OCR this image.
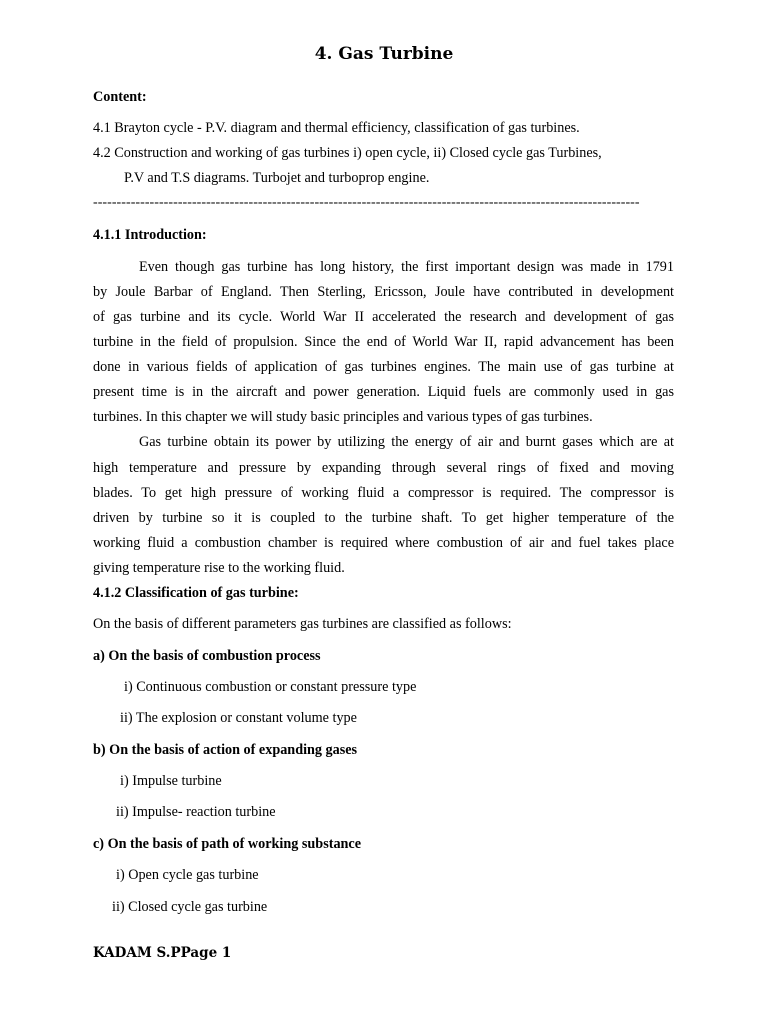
4. Gas Turbine
Content:
4.1 Brayton cycle - P.V. diagram and thermal efficiency, classification of gas turbines.
4.2 Construction and working of gas turbines i) open cycle, ii) Closed cycle gas Turbines,
P.V and T.S diagrams. Turbojet and turboprop engine.
--------------------------------------------------------------------------------------------------------------------
4.1.1 Introduction:
Even though gas turbine has long history, the first important design was made in 1791
by Joule Barbar of England. Then Sterling, Ericsson, Joule have contributed in development
of gas turbine and its cycle. World War II accelerated the research and development of gas
turbine in the field of propulsion. Since the end of World War II, rapid advancement has been
done in various fields of application of gas turbines engines. The main use of gas turbine at
present time is in the aircraft and power generation. Liquid fuels are commonly used in gas
turbines. In this chapter we will study basic principles and various types of gas turbines.
Gas turbine obtain its power by utilizing the energy of air and burnt gases which are at
high temperature and pressure by expanding through several rings of fixed and moving
blades. To get high pressure of working fluid a compressor is required. The compressor is
driven by turbine so it is coupled to the turbine shaft. To get higher temperature of the
working fluid a combustion chamber is required where combustion of air and fuel takes place
giving temperature rise to the working fluid.
4.1.2 Classification of gas turbine:
On the basis of different parameters gas turbines are classified as follows:
a) On the basis of combustion process
i) Continuous combustion or constant pressure type
ii) The explosion or constant volume type
b) On the basis of action of expanding gases
i) Impulse turbine
ii) Impulse- reaction turbine
c) On the basis of path of working substance
i) Open cycle gas turbine
ii) Closed cycle gas turbine
KADAM S.PPage 1
